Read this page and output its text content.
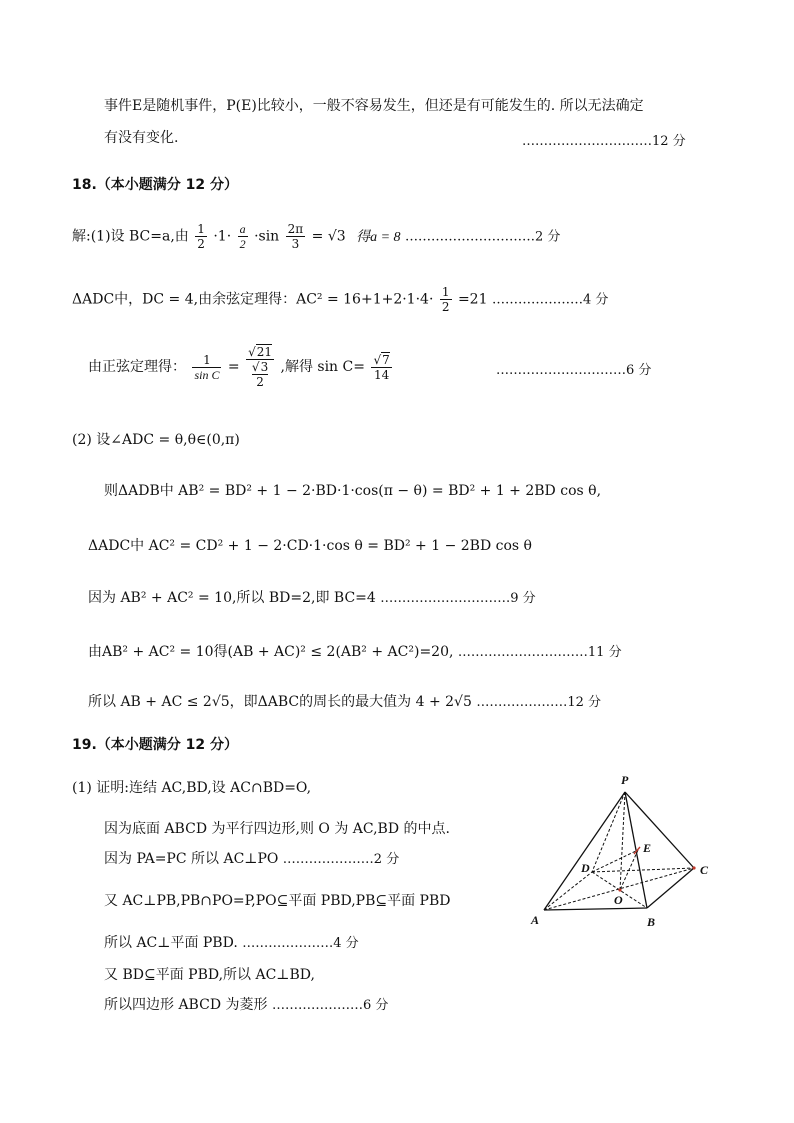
事件E是随机事件，P(E)比较小，一般不容易发生，但还是有可能发生的. 所以无法确定
有没有变化.	…………………………12 分
18.（本小题满分 12 分）
解:(1)设 BC=a,由 $\frac{1}{2} \cdot 1\cdot \frac{a}{2} \cdot\sin \frac{2\pi}{3} = √3$ 得a = 8 …………………………2 分
ΔADC中，DC = 4,由余弦定理得：$AC^2 = 16+1+2\cdot 1\cdot 4\cdot \frac{1}{2} =21$ …………………4 分
由正弦定理得： $\frac{1}{\text{sin C}}$ =
√21
√3
2
,解得 $\sin C= \frac{√7}{14}$	…………………………6 分
(2) 设∠ADC = θ,θ∈(0,π)
则ΔADB中 AB² = BD² + 1 − 2·BD·1·cos(π − θ) = BD² + 1 + 2BD cos θ,
ΔADC中 AC² = CD² + 1 − 2·CD·1·cos θ = BD² + 1 − 2BD cos θ
因为 AB² + AC² = 10,所以 BD=2,即 BC=4 …………………………9 分
由AB² + AC² = 10得(AB + AC)² ≤ 2(AB² + AC²)=20, …………………………11 分
所以 AB + AC ≤ 2√5，即ΔABC的周长的最大值为 4 + 2√5 …………………12 分
19.（本小题满分 12 分）
(1) 证明:连结 AC,BD,设 AC∩BD=O,
因为底面 ABCD 为平行四边形,则 O 为 AC,BD 的中点.
因为 PA=PC 所以 AC⊥PO …………………2 分
又 AC⊥PB,PB∩PO=P,PO⊆平面 PBD,PB⊆平面 PBD
所以 AC⊥平面 PBD. …………………4 分
又 BD⊆平面 PBD,所以 AC⊥BD,
所以四边形 ABCD 为菱形 …………………6 分
P
E
D	C
O
A	B
